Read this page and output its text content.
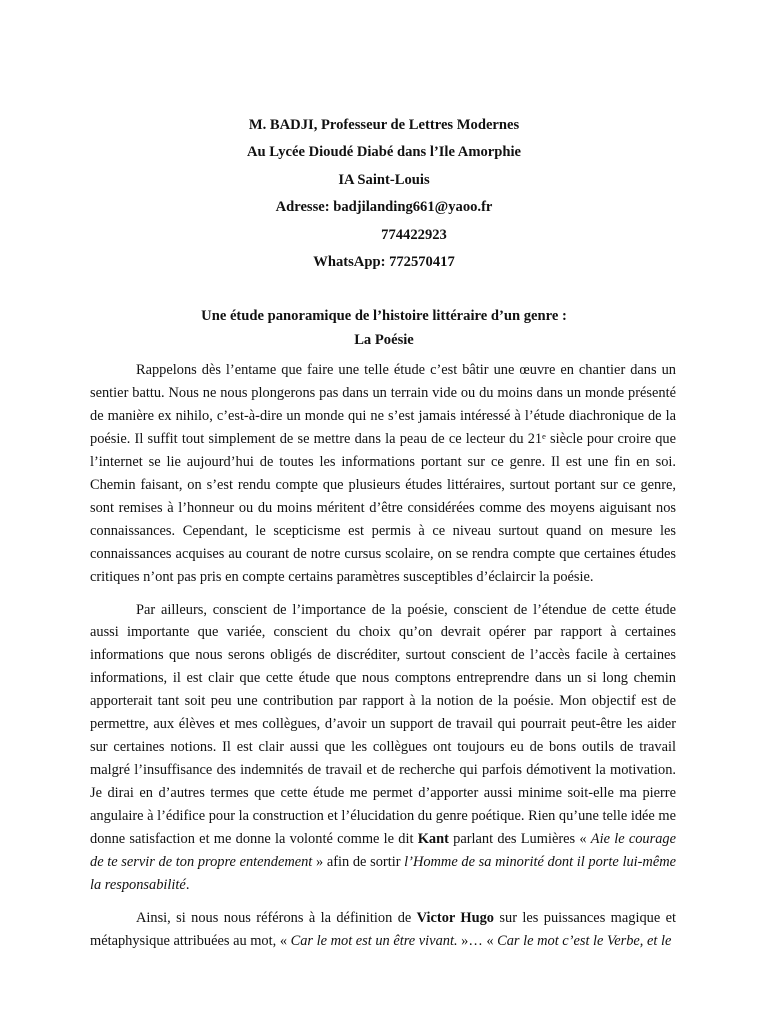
M. BADJI, Professeur de Lettres Modernes
Au Lycée Dioudé Diabé dans l’Ile Amorphie
IA Saint-Louis
Adresse: badjilanding661@yaoo.fr
774422923
WhatsApp: 772570417
Une étude panoramique de l’histoire littéraire d’un genre :
La Poésie

Rappelons dès l’entame que faire une telle étude c’est bâtir une œuvre en chantier dans un sentier battu. Nous ne nous plongerons pas dans un terrain vide ou du moins dans un monde présenté de manière ex nihilo, c’est-à-dire un monde qui ne s’est jamais intéressé à l’étude diachronique de la poésie. Il suffit tout simplement de se mettre dans la peau de ce lecteur du 21ᵉ siècle pour croire que l’internet se lie aujourd’hui de toutes les informations portant sur ce genre. Il est une fin en soi. Chemin faisant, on s’est rendu compte que plusieurs études littéraires, surtout portant sur ce genre, sont remises à l’honneur ou du moins méritent d’être considérées comme des moyens aiguisant nos connaissances. Cependant, le scepticisme est permis à ce niveau surtout quand on mesure les connaissances acquises au courant de notre cursus scolaire, on se rendra compte que certaines études critiques n’ont pas pris en compte certains paramètres susceptibles d’éclaircir la poésie.

Par ailleurs, conscient de l’importance de la poésie, conscient de l’étendue de cette étude aussi importante que variée, conscient du choix qu’on devrait opérer par rapport à certaines informations que nous serons obligés de discréditer, surtout conscient de l’accès facile à certaines informations, il est clair que cette étude que nous comptons entreprendre dans un si long chemin apporterait tant soit peu une contribution par rapport à la notion de la poésie. Mon objectif est de permettre, aux élèves et mes collègues, d’avoir un support de travail qui pourrait peut-être les aider sur certaines notions. Il est clair aussi que les collègues ont toujours eu de bons outils de travail malgré l’insuffisance des indemnités de travail et de recherche qui parfois démotivent la motivation. Je dirai en d’autres termes que cette étude me permet d’apporter aussi minime soit-elle ma pierre angulaire à l’édifice pour la construction et l’élucidation du genre poétique. Rien qu’une telle idée me donne satisfaction et me donne la volonté comme le dit Kant parlant des Lumières « Aie le courage de te servir de ton propre entendement » afin de sortir l’Homme de sa minorité dont il porte lui-même la responsabilité.

Ainsi, si nous nous référons à la définition de Victor Hugo sur les puissances magique et métaphysique attribuées au mot, « Car le mot est un être vivant. »… « Car le mot c’est le Verbe, et le
